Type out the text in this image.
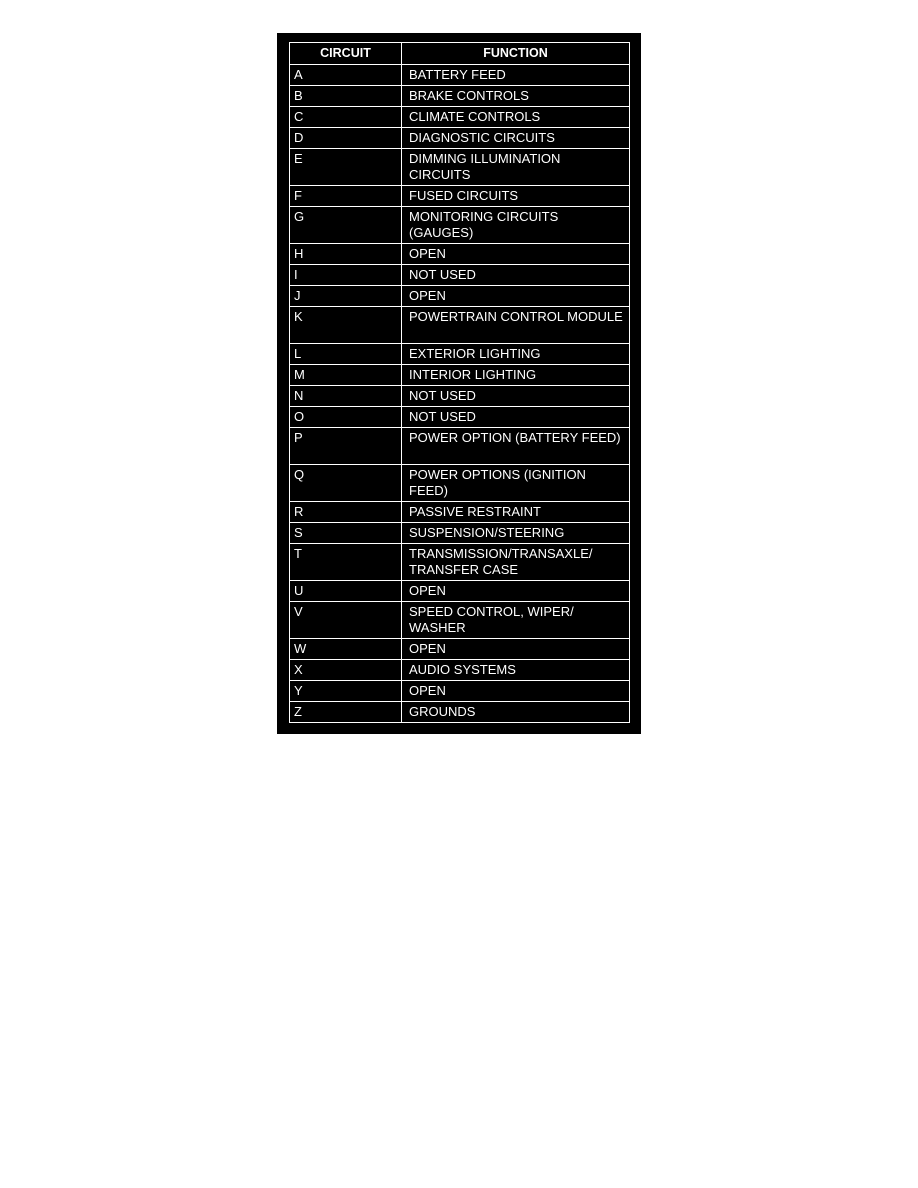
CIRCUIT	FUNCTION
A	BATTERY FEED
B	BRAKE CONTROLS
C	CLIMATE CONTROLS
D	DIAGNOSTIC CIRCUITS
E	DIMMING ILLUMINATION CIRCUITS
F	FUSED CIRCUITS
G	MONITORING CIRCUITS (GAUGES)
H	OPEN
I	NOT USED
J	OPEN
K	POWERTRAIN CONTROL MODULE
L	EXTERIOR LIGHTING
M	INTERIOR LIGHTING
N	NOT USED
O	NOT USED
P	POWER OPTION (BATTERY FEED)
Q	POWER OPTIONS (IGNITION FEED)
R	PASSIVE RESTRAINT
S	SUSPENSION/STEERING
T	TRANSMISSION/TRANSAXLE/ TRANSFER CASE
U	OPEN
V	SPEED CONTROL, WIPER/ WASHER
W	OPEN
X	AUDIO SYSTEMS
Y	OPEN
Z	GROUNDS
